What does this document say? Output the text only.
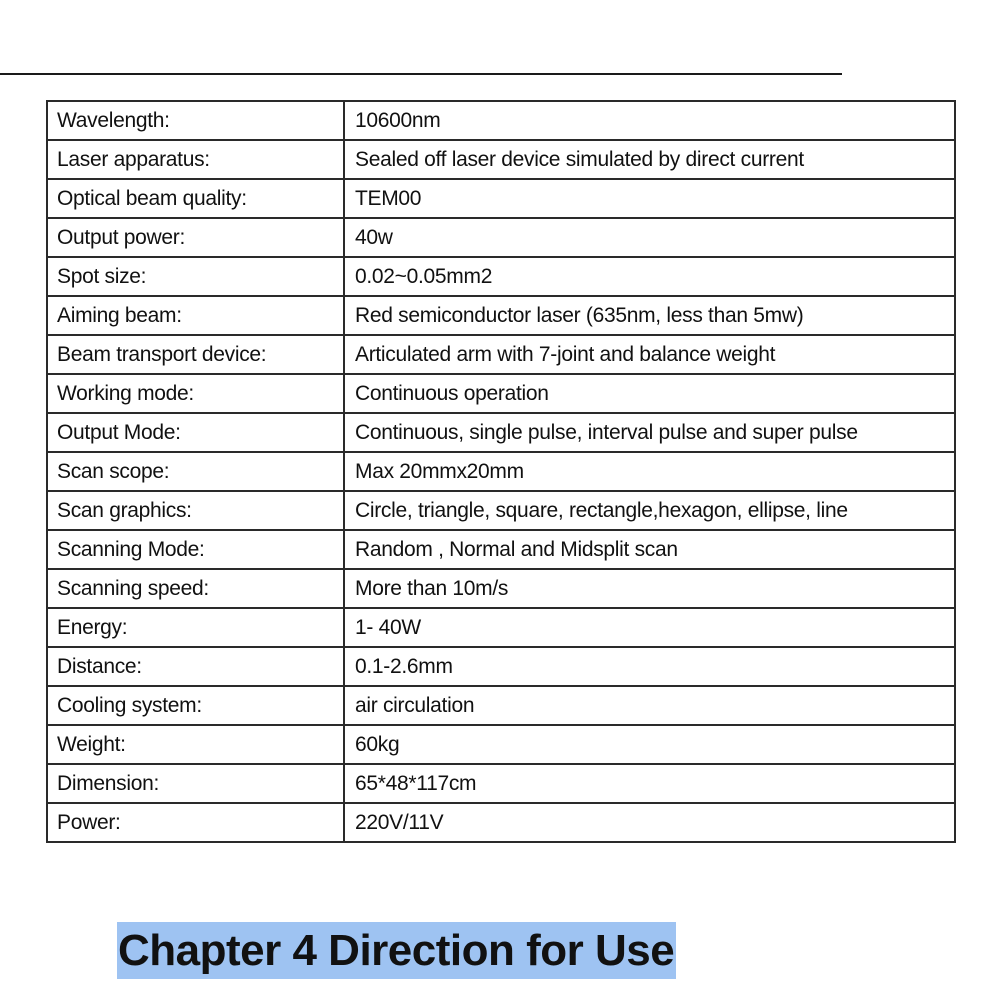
Wavelength:	10600nm
Laser apparatus:	Sealed off laser device simulated by direct current
Optical beam quality:	TEM00
Output power:	40w
Spot size:	0.02~0.05mm2
Aiming beam:	Red semiconductor laser (635nm, less than 5mw)
Beam transport device:	Articulated arm with 7-joint and balance weight
Working mode:	Continuous operation
Output Mode:	Continuous, single pulse, interval pulse and super pulse
Scan scope:	Max 20mmx20mm
Scan graphics:	Circle, triangle, square, rectangle,hexagon, ellipse, line
Scanning Mode:	Random , Normal and Midsplit scan
Scanning speed:	More than 10m/s
Energy:	1- 40W
Distance:	0.1-2.6mm
Cooling system:	air circulation
Weight:	60kg
Dimension:	65*48*117cm
Power:	220V/11V
Chapter 4 Direction for Use
